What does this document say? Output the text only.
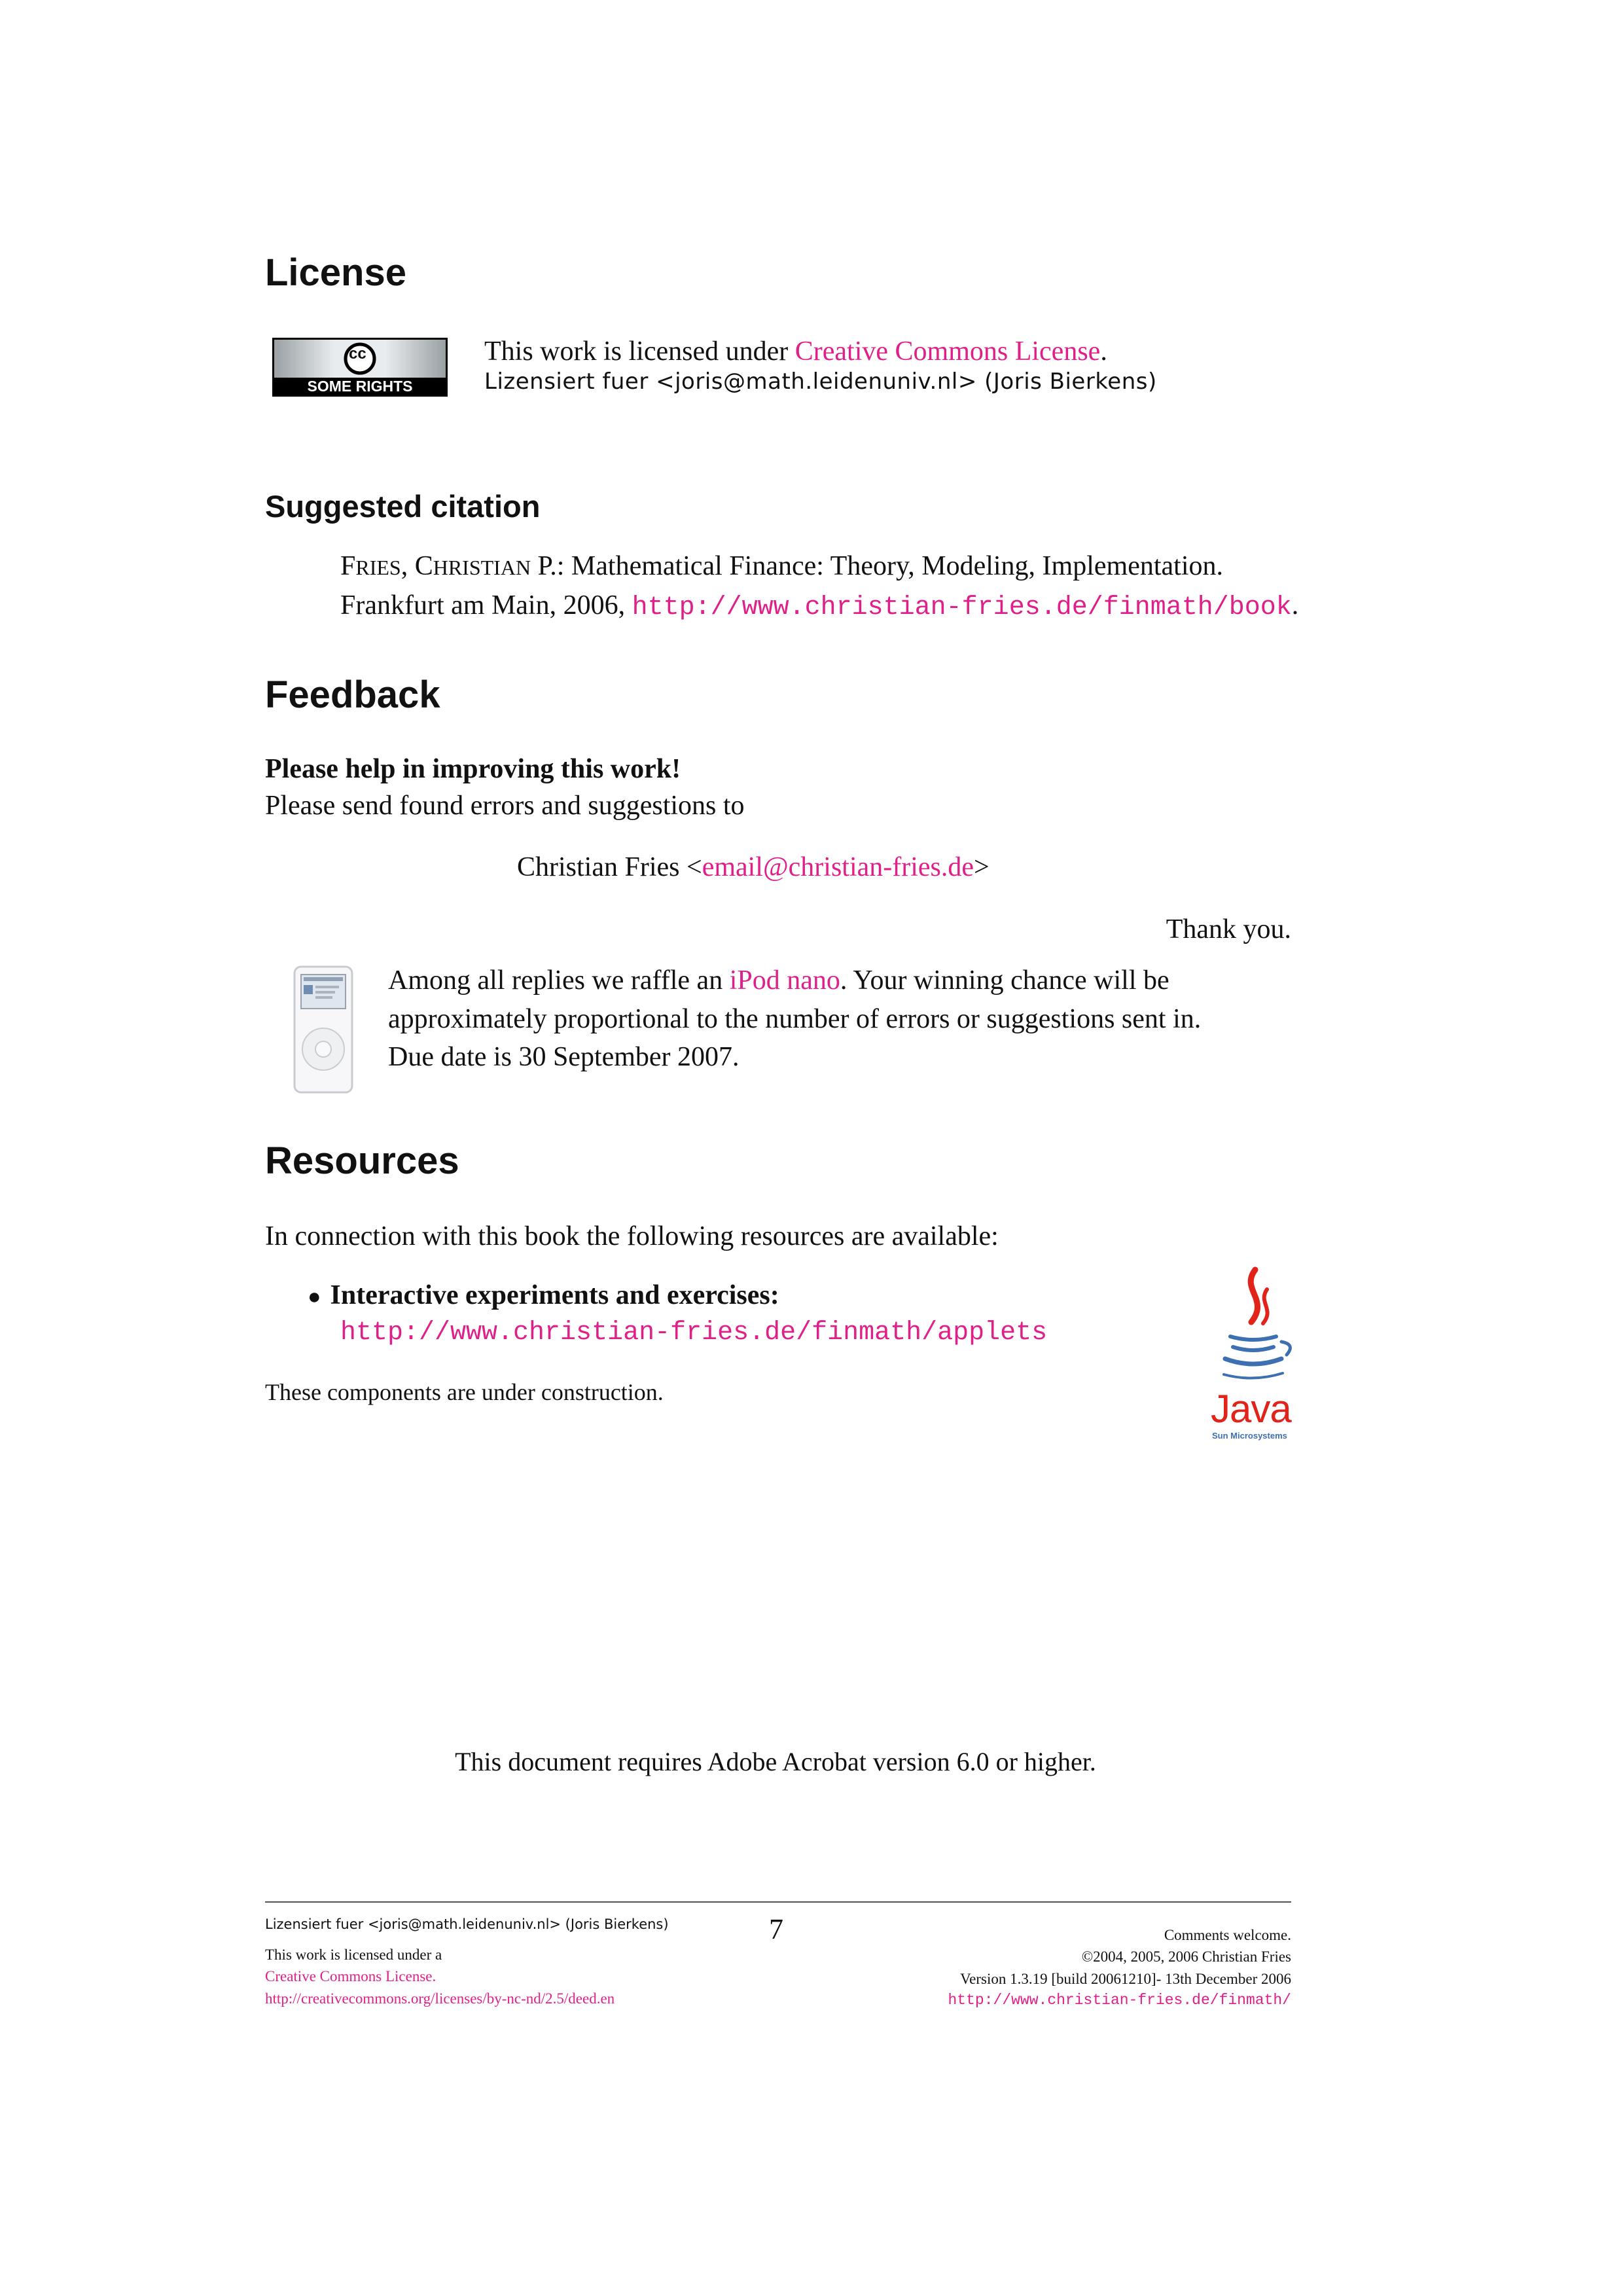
License
cc
SOME RIGHTS RESERVED
This work is licensed under Creative Commons License.
Lizensiert fuer <joris@math.leidenuniv.nl> (Joris Bierkens)
Suggested citation
FRIES, CHRISTIAN P.: Mathematical Finance: Theory, Modeling, Implementation.
Frankfurt am Main, 2006, http://www.christian-fries.de/finmath/book.
Feedback
Please help in improving this work!
Please send found errors and suggestions to
Christian Fries <email@christian-fries.de>
Thank you.
Among all replies we raffle an iPod nano. Your winning chance will be
approximately proportional to the number of errors or suggestions sent in.
Due date is 30 September 2007.
Resources
In connection with this book the following resources are available:
● Interactive experiments and exercises:
http://www.christian-fries.de/finmath/applets
These components are under construction.	Java
Sun Microsystems
This document requires Adobe Acrobat version 6.0 or higher.
Lizensiert fuer <joris@math.leidenuniv.nl> (Joris Bierkens)
This work is licensed under a
Creative Commons License.
http://creativecommons.org/licenses/by-nc-nd/2.5/deed.en
7	Comments welcome.
©2004, 2005, 2006 Christian Fries
Version 1.3.19 [build 20061210]- 13th December 2006
http://www.christian-fries.de/finmath/
